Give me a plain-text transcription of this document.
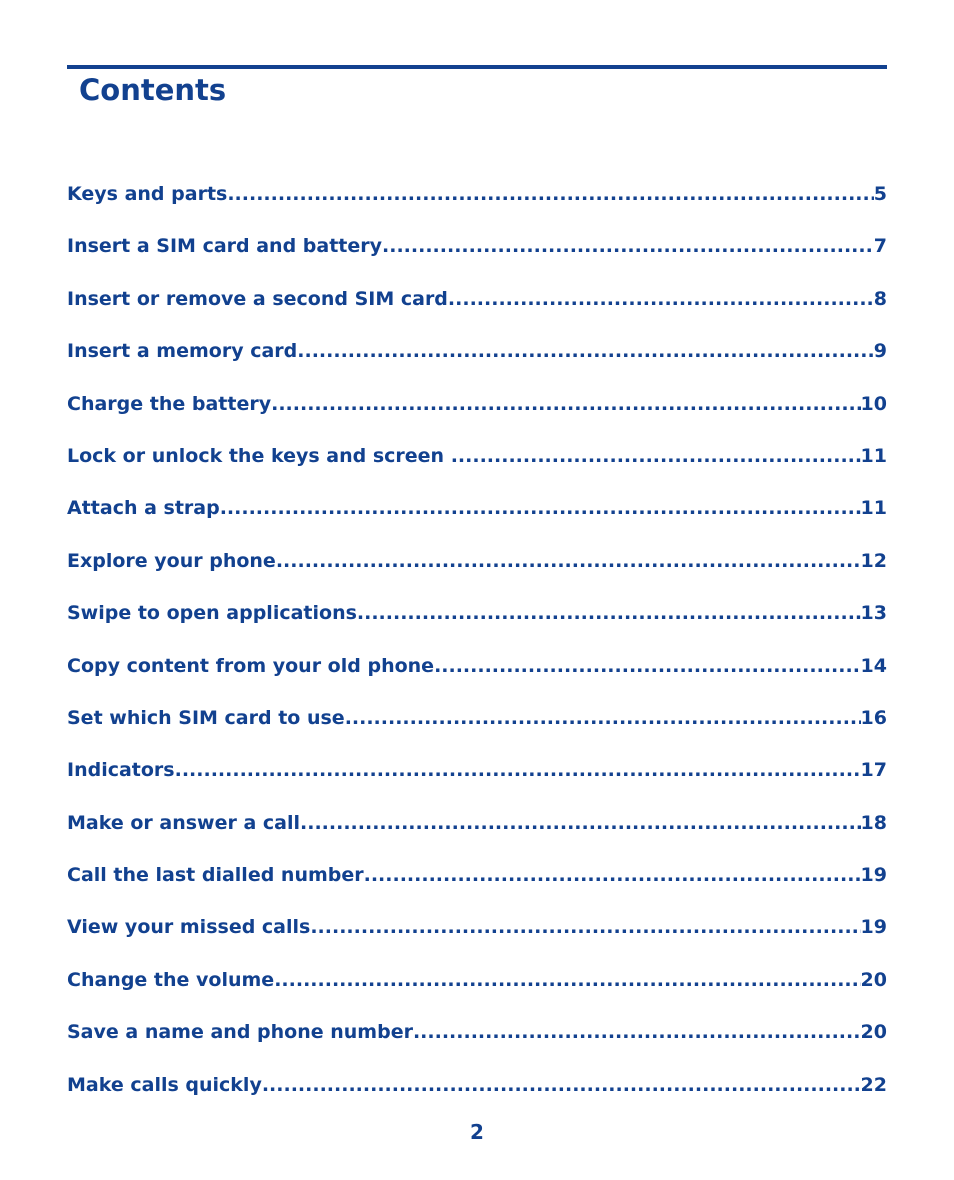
Contents
Keys and parts .....	5
Insert a SIM card and battery .....	7
Insert or remove a second SIM card .....	8
Insert a memory card .....	9
Charge the battery .....	10
Lock or unlock the keys and screen .....	11
Attach a strap .....	11
Explore your phone .....	12
Swipe to open applications .....	13
Copy content from your old phone .....	14
Set which SIM card to use .....	16
Indicators .....	17
Make or answer a call .....	18
Call the last dialled number .....	19
View your missed calls .....	19
Change the volume .....	20
Save a name and phone number .....	20
Make calls quickly .....	22
2
